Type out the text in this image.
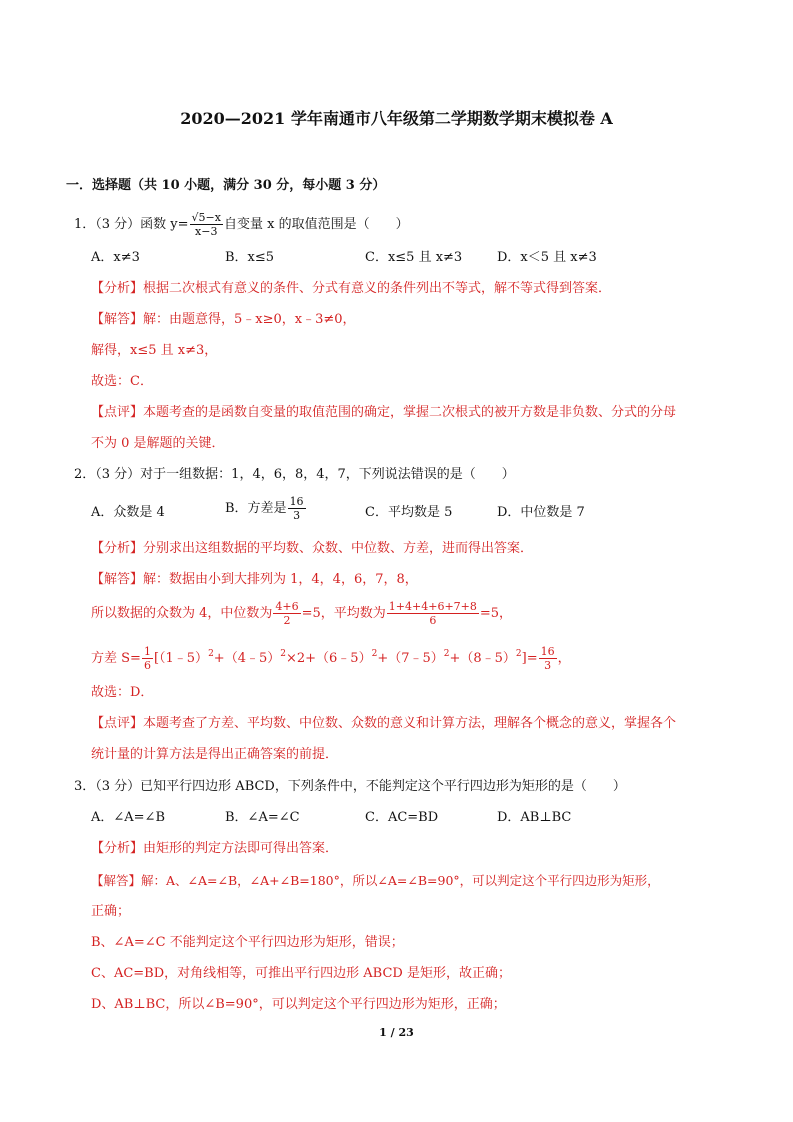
2020—2021 学年南通市八年级第二学期数学期末模拟卷 A
一．选择题（共 10 小题，满分 30 分，每小题 3 分）
1．（3 分）函数 $y= \frac{√5-x}{x-3}$ 自变量 x 的取值范围是（　　）
A．x≠3	B．x≤5	C．x≤5 且 x≠3	D．x＜5 且 x≠3
【分析】根据二次根式有意义的条件、分式有意义的条件列出不等式，解不等式得到答案．
【解答】解：由题意得，5﹣x≥0，x﹣3≠0，
解得，x≤5 且 x≠3，
故选：C．
【点评】本题考查的是函数自变量的取值范围的确定，掌握二次根式的被开方数是非负数、分式的分母
不为 0 是解题的关键．
2．（3 分）对于一组数据：1，4，6，8，4，7，下列说法错误的是（　　）
A．众数是 4	B．方差是 $\frac{16}{3}$	C．平均数是 5	D．中位数是 7
【分析】分别求出这组数据的平均数、众数、中位数、方差，进而得出答案．
【解答】解：数据由小到大排列为 1，4，4，6，7，8，
所以数据的众数为 4，中位数为 $\frac{4+6}{2} =5$，平均数为 $\frac{1+4+4+6+7+8}{6} =5$，
方差 $S= \frac{1}{6}$ [（1﹣5）$^2$+（4﹣5）$^2$×2+（6﹣5）$^2$+（7﹣5）$^2$+（8﹣5）$^2$]= $\frac{16}{3}$ ，
故选：D．
【点评】本题考查了方差、平均数、中位数、众数的意义和计算方法，理解各个概念的意义，掌握各个
统计量的计算方法是得出正确答案的前提．
3．（3 分）已知平行四边形 ABCD，下列条件中，不能判定这个平行四边形为矩形的是（　　）
A．∠A=∠B	B．∠A=∠C	C．AC=BD	D．AB⊥BC
【分析】由矩形的判定方法即可得出答案．
【解答】解：A、∠A=∠B，∠A+∠B=180°，所以∠A=∠B=90°，可以判定这个平行四边形为矩形，
正确；
B、∠A=∠C 不能判定这个平行四边形为矩形，错误；
C、AC=BD，对角线相等，可推出平行四边形 ABCD 是矩形，故正确；
D、AB⊥BC，所以∠B=90°，可以判定这个平行四边形为矩形，正确；
1 / 23
